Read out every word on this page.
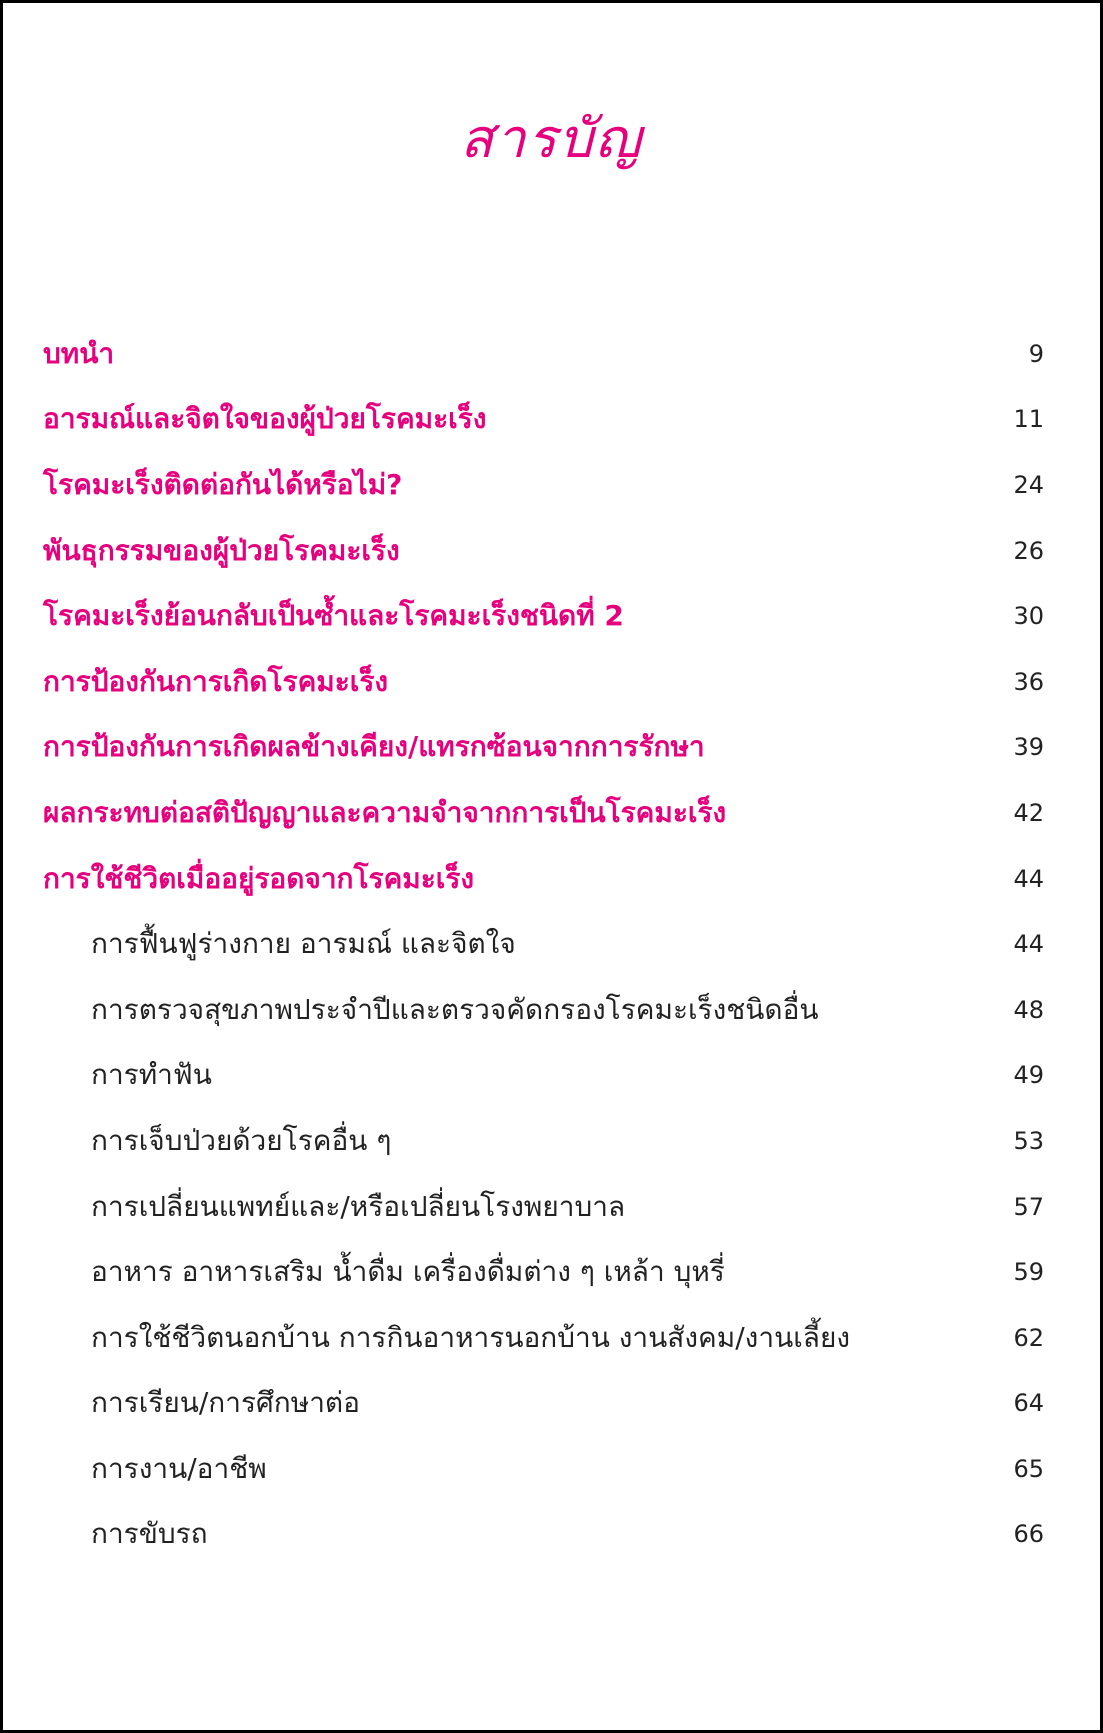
สารบัญ
บทนำ	9
อารมณ์และจิตใจของผู้ป่วยโรคมะเร็ง	11
โรคมะเร็งติดต่อกันได้หรือไม่?	24
พันธุกรรมของผู้ป่วยโรคมะเร็ง	26
โรคมะเร็งย้อนกลับเป็นซ้ำและโรคมะเร็งชนิดที่ 2	30
การป้องกันการเกิดโรคมะเร็ง	36
การป้องกันการเกิดผลข้างเคียง/แทรกซ้อนจากการรักษา	39
ผลกระทบต่อสติปัญญาและความจำจากการเป็นโรคมะเร็ง	42
การใช้ชีวิตเมื่ออยู่รอดจากโรคมะเร็ง	44
การฟื้นฟูร่างกาย อารมณ์ และจิตใจ	44
การตรวจสุขภาพประจำปีและตรวจคัดกรองโรคมะเร็งชนิดอื่น	48
การทำฟัน	49
การเจ็บป่วยด้วยโรคอื่น ๆ	53
การเปลี่ยนแพทย์และ/หรือเปลี่ยนโรงพยาบาล	57
อาหาร อาหารเสริม น้ำดื่ม เครื่องดื่มต่าง ๆ เหล้า บุหรี่	59
การใช้ชีวิตนอกบ้าน การกินอาหารนอกบ้าน งานสังคม/งานเลี้ยง	62
การเรียน/การศึกษาต่อ	64
การงาน/อาชีพ	65
การขับรถ	66
